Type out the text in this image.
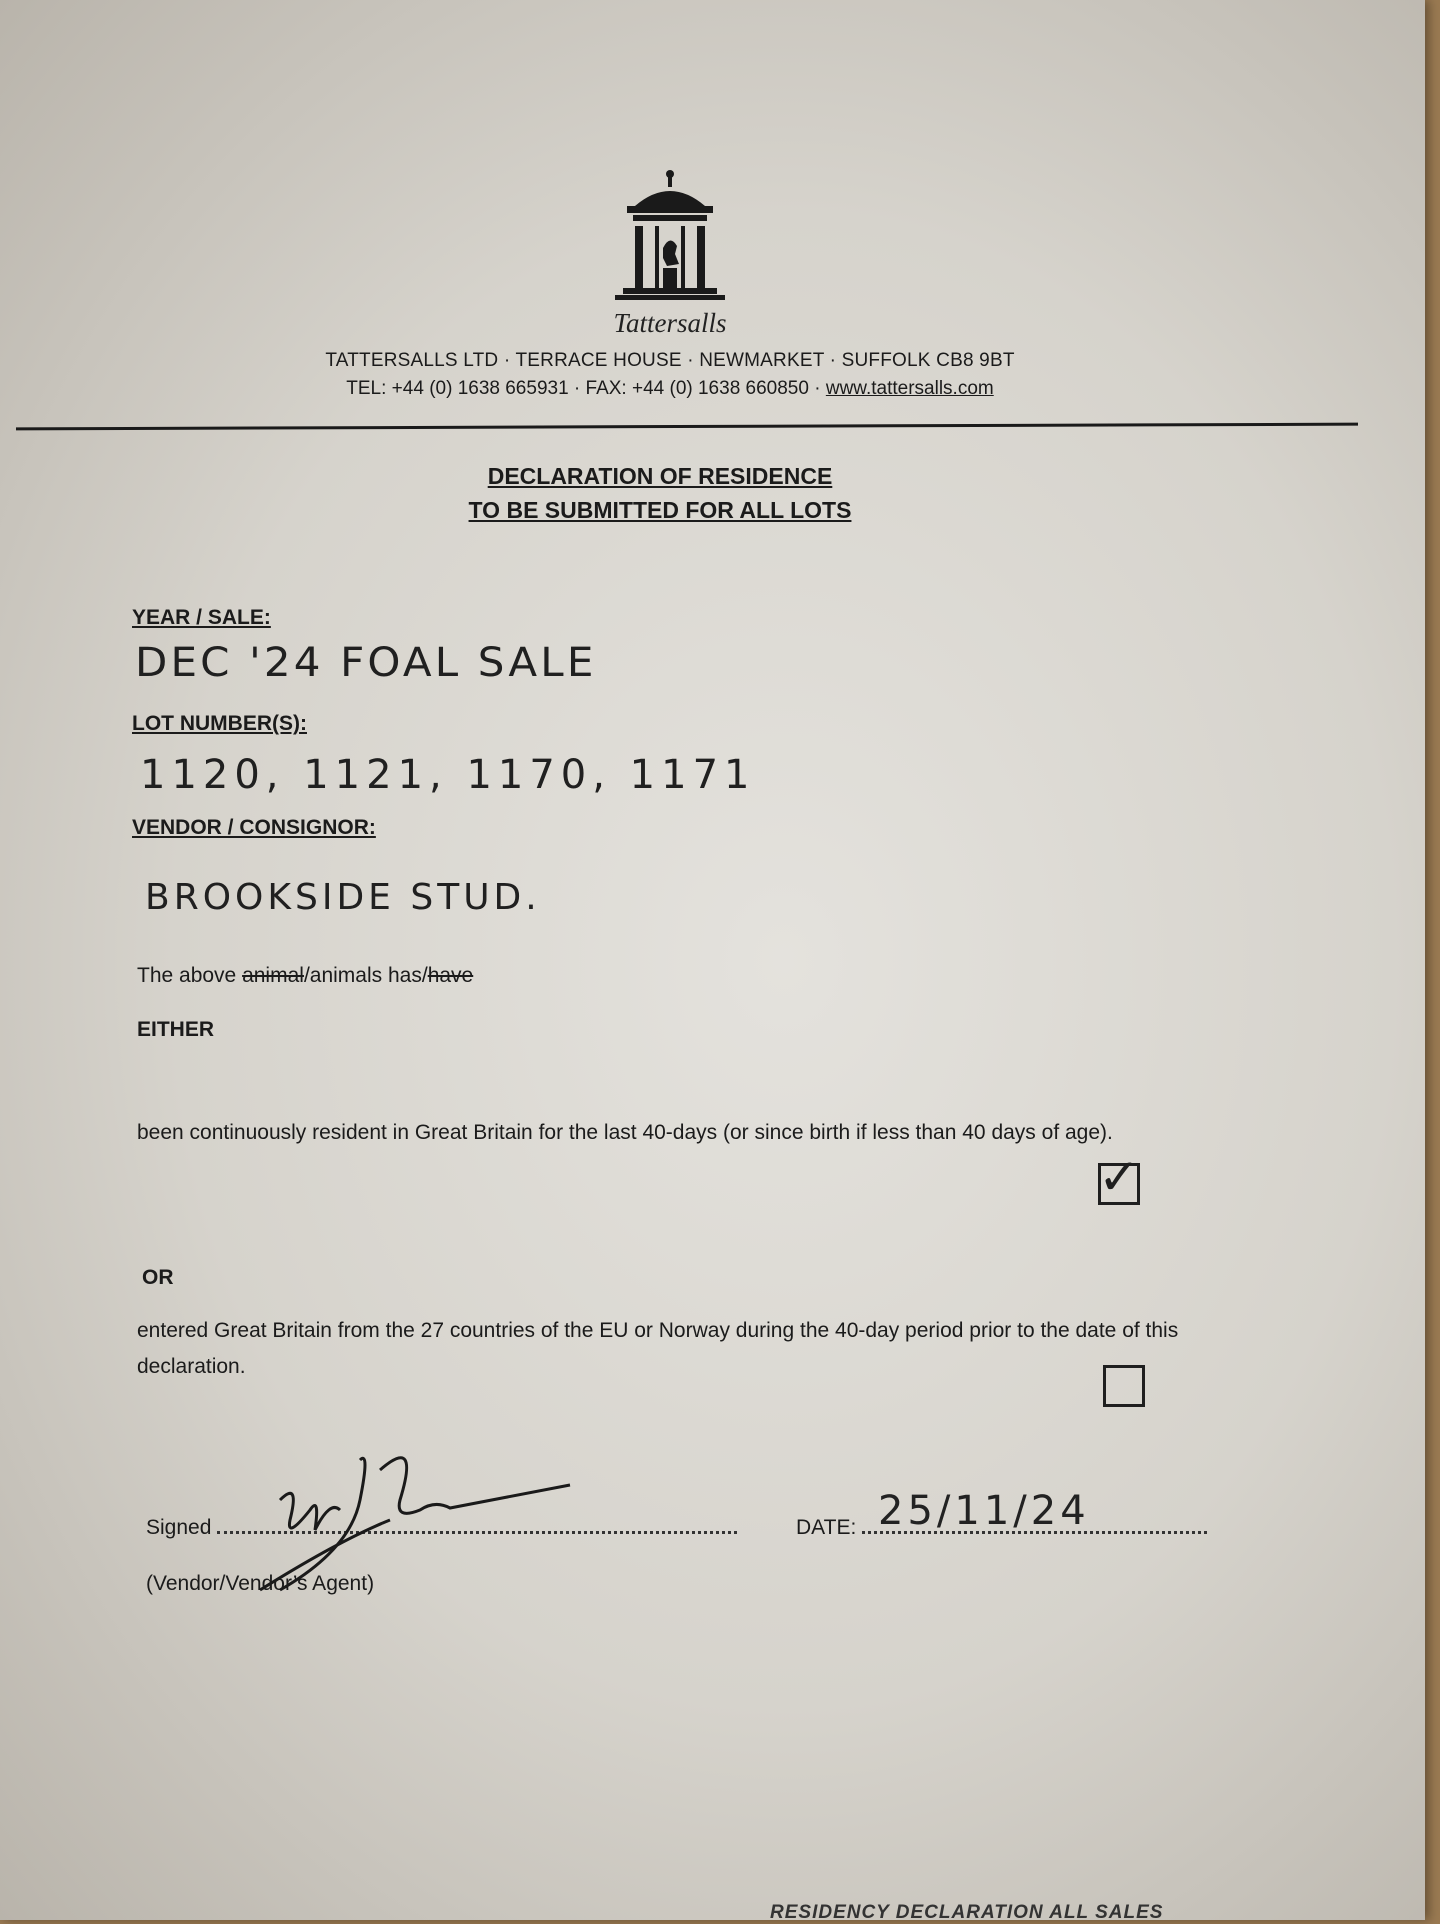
Tattersalls
TATTERSALLS LTD · TERRACE HOUSE · NEWMARKET · SUFFOLK CB8 9BT
TEL: +44 (0) 1638 665931 · FAX: +44 (0) 1638 660850 · www.tattersalls.com
DECLARATION OF RESIDENCE
TO BE SUBMITTED FOR ALL LOTS
YEAR / SALE:
DEC '24 FOAL SALE
LOT NUMBER(S):
1120, 1121, 1170, 1171
VENDOR / CONSIGNOR:
BROOKSIDE STUD.
The above animal/animals has/have
EITHER
been continuously resident in Great Britain for the last 40-days (or since birth if less than 40 days of age).
✓
OR
entered Great Britain from the 27 countries of the EU or Norway during the 40-day period prior to the date of this declaration.
Signed
(Vendor/Vendor’s Agent)
DATE: 25/11/24
RESIDENCY DECLARATION ALL SALES
